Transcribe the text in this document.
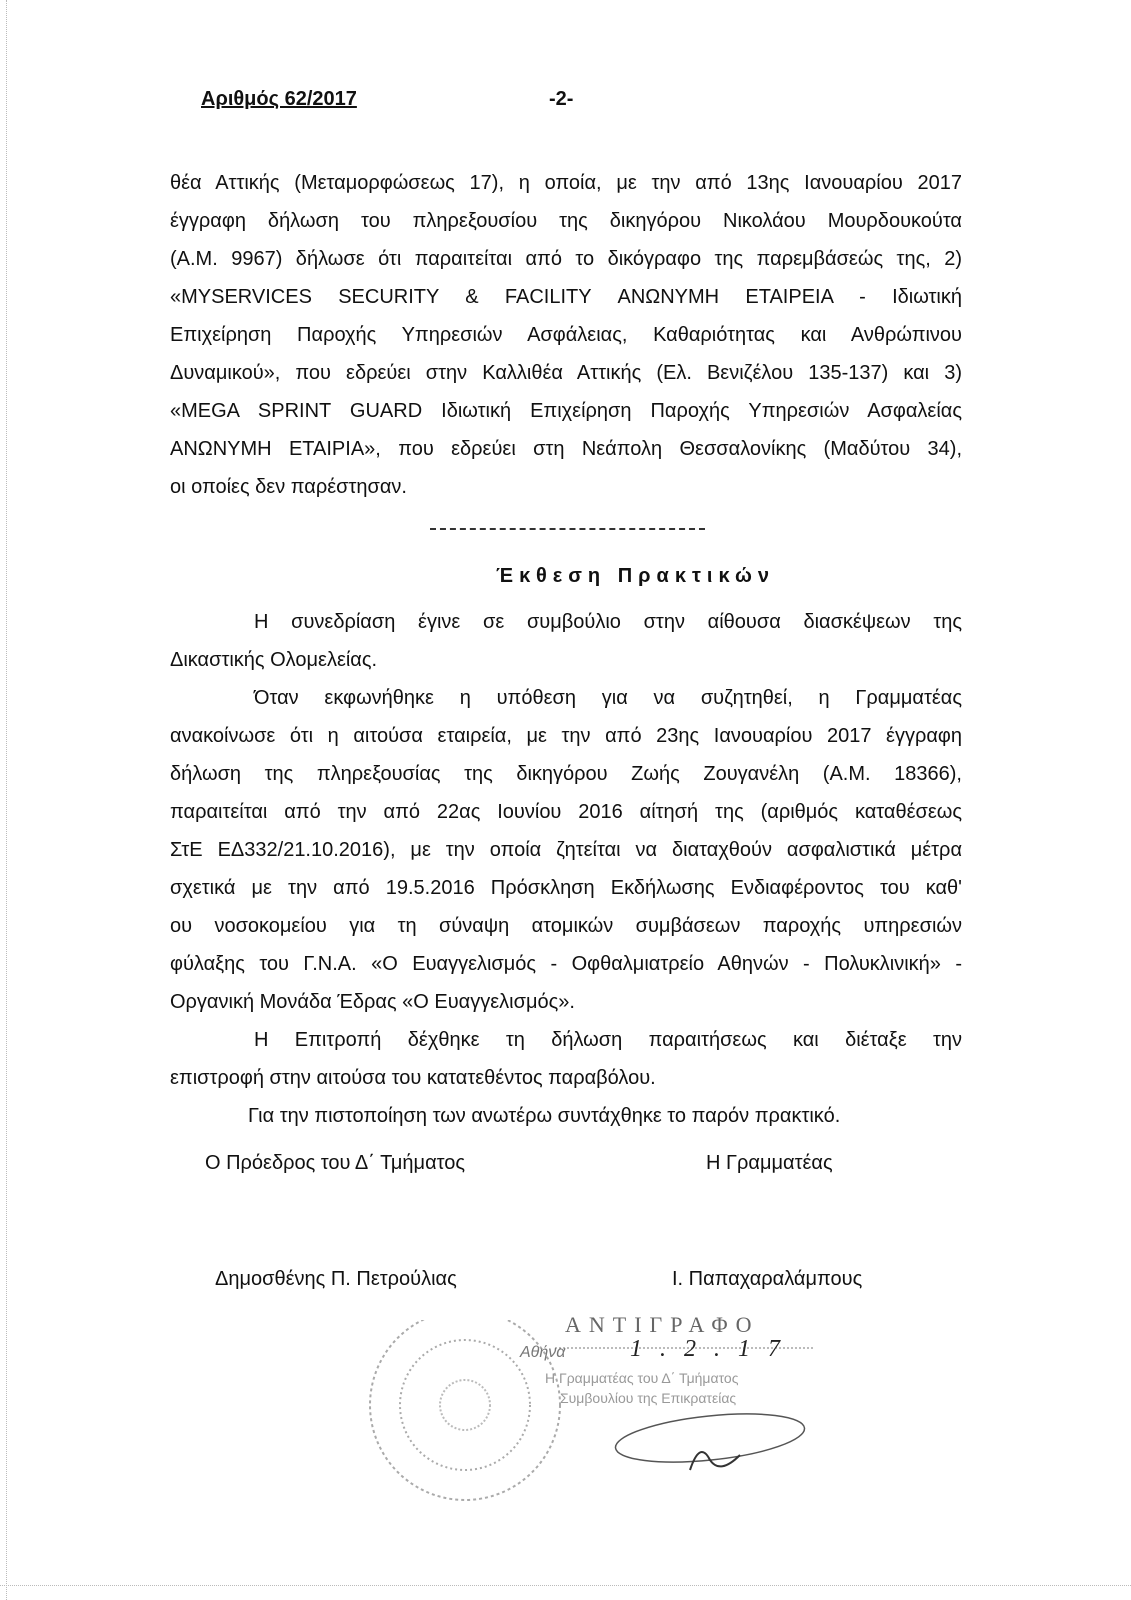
Αριθμός 62/2017	-2-
θέα Αττικής (Μεταμορφώσεως 17), η οποία, με την από 13ης Ιανουαρίου 2017
έγγραφη δήλωση του πληρεξουσίου της δικηγόρου Νικολάου Μουρδουκούτα
(Α.Μ. 9967) δήλωσε ότι παραιτείται από το δικόγραφο της παρεμβάσεώς της, 2)
«MYSERVICES SECURITY & FACILITY ΑΝΩΝΥΜΗ ΕΤΑΙΡΕΙΑ - Ιδιωτική
Επιχείρηση Παροχής Υπηρεσιών Ασφάλειας, Καθαριότητας και Ανθρώπινου
Δυναμικού», που εδρεύει στην Καλλιθέα Αττικής (Ελ. Βενιζέλου 135-137) και 3)
«MEGA SPRINT GUARD Ιδιωτική Επιχείρηση Παροχής Υπηρεσιών Ασφαλείας
ΑΝΩΝΥΜΗ ΕΤΑΙΡΙΑ», που εδρεύει στη Νεάπολη Θεσσαλονίκης (Μαδύτου 34),
οι οποίες δεν παρέστησαν.
Έκθεση Πρακτικών
Η συνεδρίαση έγινε σε συμβούλιο στην αίθουσα διασκέψεων της
Δικαστικής Ολομελείας.
Όταν εκφωνήθηκε η υπόθεση για να συζητηθεί, η Γραμματέας
ανακοίνωσε ότι η αιτούσα εταιρεία, με την από 23ης Ιανουαρίου 2017 έγγραφη
δήλωση της πληρεξουσίας της δικηγόρου Ζωής Ζουγανέλη (Α.Μ. 18366),
παραιτείται από την από 22ας Ιουνίου 2016 αίτησή της (αριθμός καταθέσεως
ΣτΕ ΕΔ332/21.10.2016), με την οποία ζητείται να διαταχθούν ασφαλιστικά μέτρα
σχετικά με την από 19.5.2016 Πρόσκληση Εκδήλωσης Ενδιαφέροντος του καθ'
ου νοσοκομείου για τη σύναψη ατομικών συμβάσεων παροχής υπηρεσιών
φύλαξης του Γ.Ν.Α. «Ο Ευαγγελισμός - Οφθαλμιατρείο Αθηνών - Πολυκλινική» -
Οργανική Μονάδα Έδρας «Ο Ευαγγελισμός».
Η Επιτροπή δέχθηκε τη δήλωση παραιτήσεως και διέταξε την
επιστροφή στην αιτούσα του κατατεθέντος παραβόλου.
Για την πιστοποίηση των ανωτέρω συντάχθηκε το παρόν πρακτικό.
Ο Πρόεδρος του Δ΄ Τμήματος	Η Γραμματέας
Δημοσθένης Π. Πετρούλιας	Ι. Παπαχαραλάμπους
ΑΝΤΙΓΡΑΦΟ
Αθήνα	1.2.17
Η Γραμματέας του Δ΄ Τμήματος
Συμβουλίου της Επικρατείας
